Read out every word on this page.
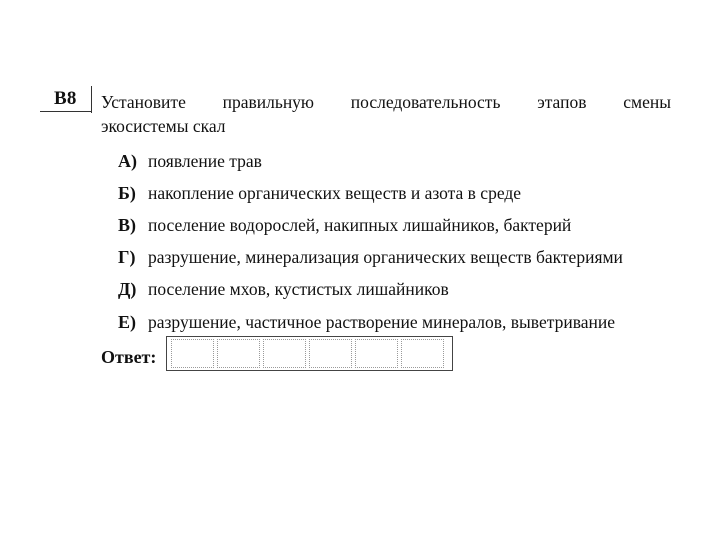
B8 Установите правильную последовательность этапов смены
экосистемы скал
А) появление трав
Б) накопление органических веществ и азота в среде
В) поселение водорослей, накипных лишайников, бактерий
Г) разрушение, минерализация органических веществ бактериями
Д) поселение мхов, кустистых лишайников
Е) разрушение, частичное растворение минералов, выветривание
Ответ:
